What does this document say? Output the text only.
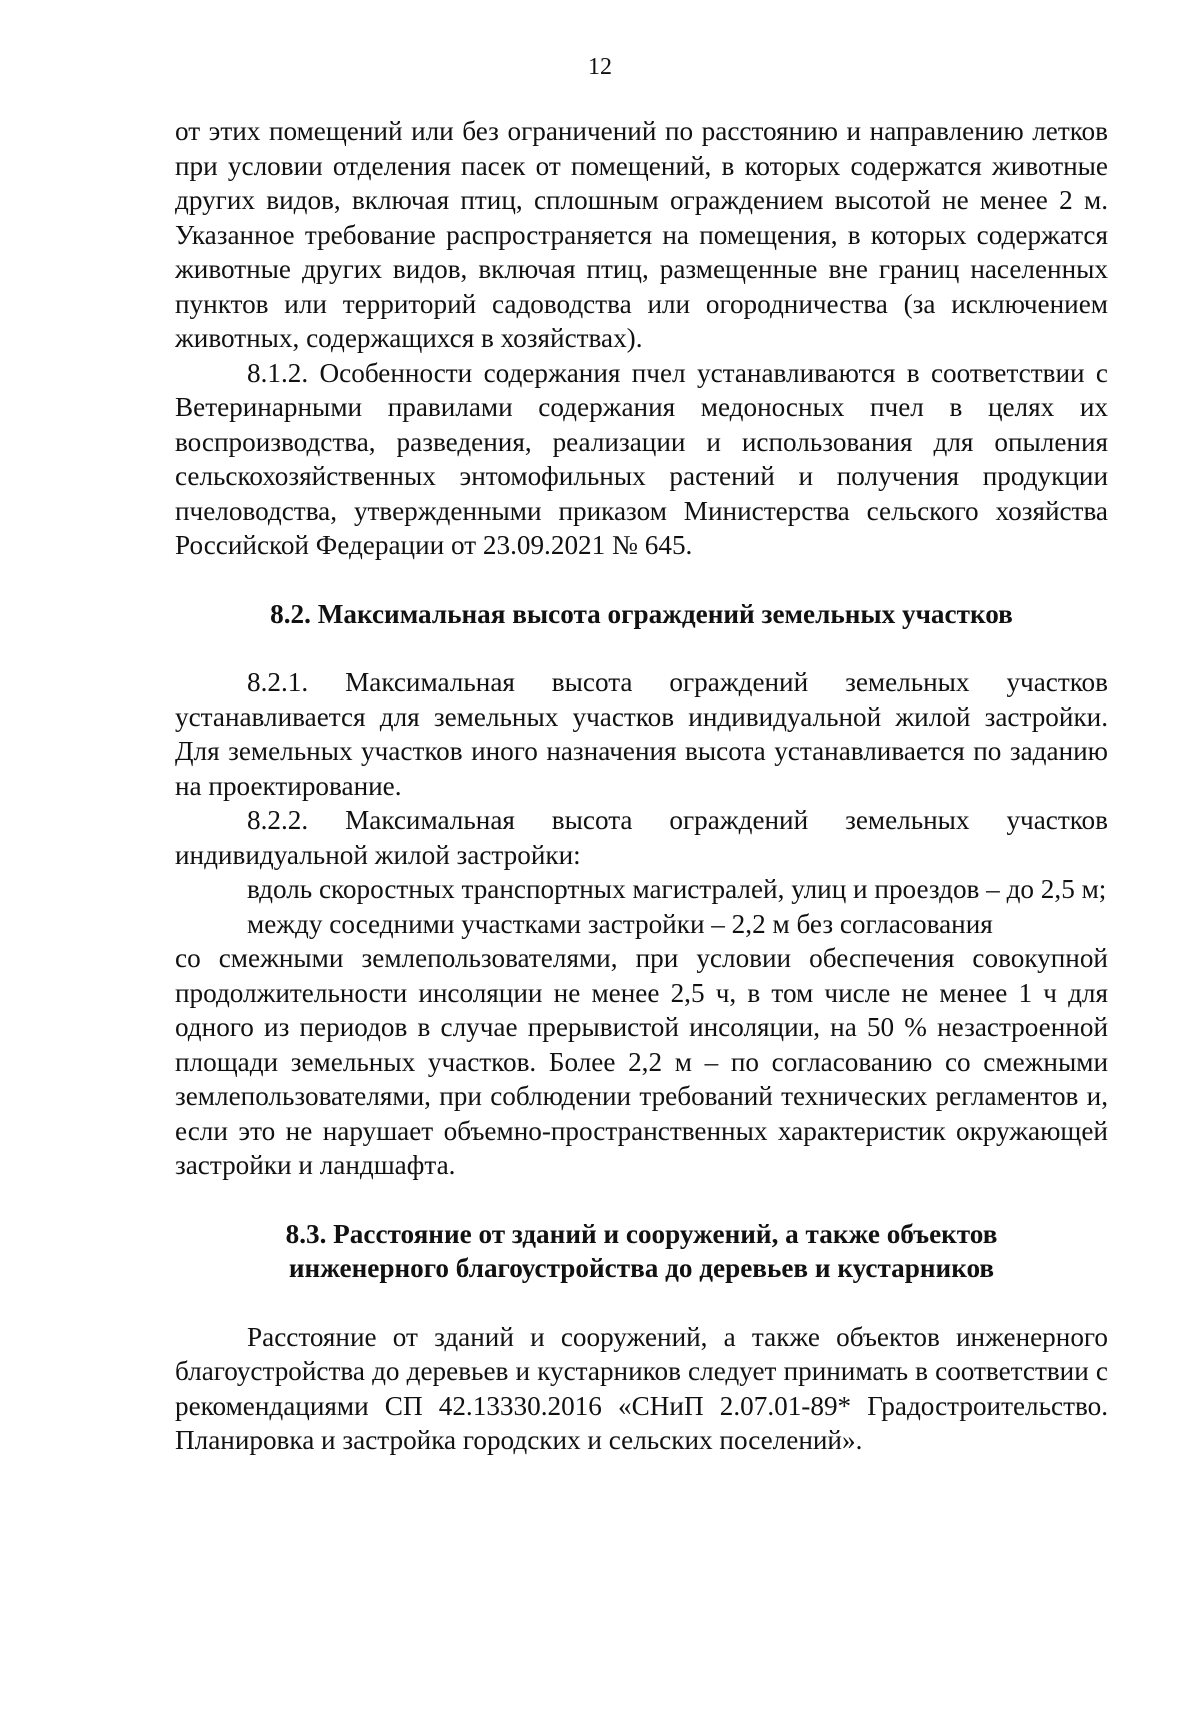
12

от этих помещений или без ограничений по расстоянию и направлению летков при условии отделения пасек от помещений, в которых содержатся животные других видов, включая птиц, сплошным ограждением высотой не менее 2 м. Указанное требование распространяется на помещения, в которых содержатся животные других видов, включая птиц, размещенные вне границ населенных пунктов или территорий садоводства или огородничества (за исключением животных, содержащихся в хозяйствах).

8.1.2. Особенности содержания пчел устанавливаются в соответствии с Ветеринарными правилами содержания медоносных пчел в целях их воспроизводства, разведения, реализации и использования для опыления сельскохозяйственных энтомофильных растений и получения продукции пчеловодства, утвержденными приказом Министерства сельского хозяйства Российской Федерации от 23.09.2021 № 645.

8.2. Максимальная высота ограждений земельных участков

8.2.1. Максимальная высота ограждений земельных участков устанавливается для земельных участков индивидуальной жилой застройки. Для земельных участков иного назначения высота устанавливается по заданию на проектирование.

8.2.2. Максимальная высота ограждений земельных участков индивидуальной жилой застройки:

вдоль скоростных транспортных магистралей, улиц и проездов – до 2,5 м;

между соседними участками застройки – 2,2 м без согласования

со смежными землепользователями, при условии обеспечения совокупной продолжительности инсоляции не менее 2,5 ч, в том числе не менее 1 ч для одного из периодов в случае прерывистой инсоляции, на 50 % незастроенной площади земельных участков. Более 2,2 м – по согласованию со смежными землепользователями, при соблюдении требований технических регламентов и, если это не нарушает объемно-пространственных характеристик окружающей застройки и ландшафта.

8.3. Расстояние от зданий и сооружений, а также объектов
инженерного благоустройства до деревьев и кустарников

Расстояние от зданий и сооружений, а также объектов инженерного благоустройства до деревьев и кустарников следует принимать в соответствии с рекомендациями СП 42.13330.2016 «СНиП 2.07.01-89* Градостроительство. Планировка и застройка городских и сельских поселений».
